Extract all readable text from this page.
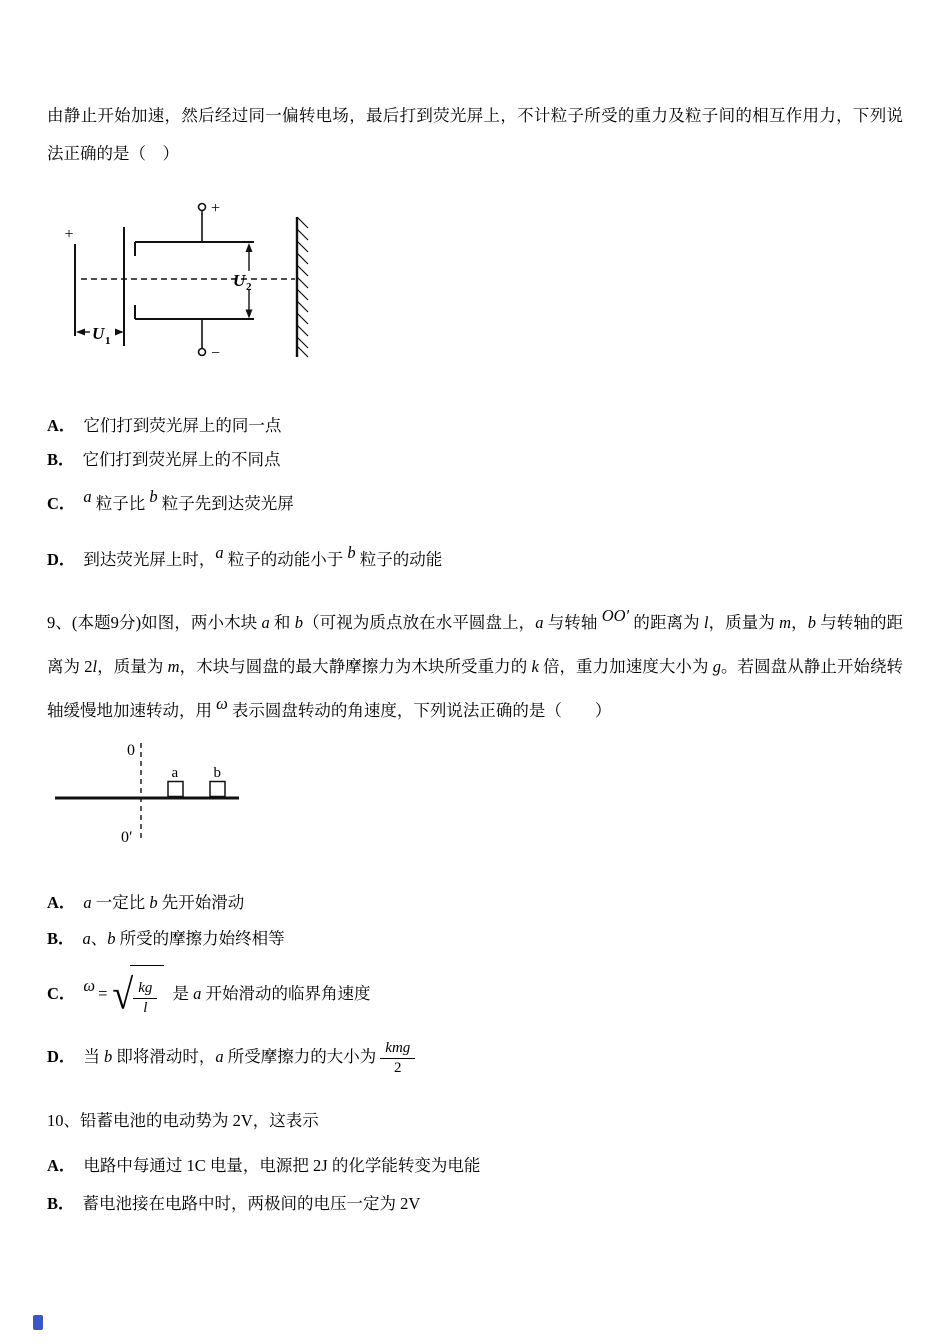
由静止开始加速，然后经过同一偏转电场，最后打到荧光屏上，不计粒子所受的重力及粒子间的相互作用力，下列说法正确的是（　）

+
+
−
U 2
U 1
A． 它们打到荧光屏上的同一点
B． 它们打到荧光屏上的不同点
C． a 粒子比 b 粒子先到达荧光屏
D． 到达荧光屏上时，a 粒子的动能小于 b 粒子的动能

9、(本题9分)如图，两小木块 a 和 b（可视为质点放在水平圆盘上，a 与转轴 OO′ 的距离为 l，质量为 m，b 与转轴的距离为 2l，质量为 m，木块与圆盘的最大静摩擦力为木块所受重力的 k 倍，重力加速度大小为 g。若圆盘从静止开始绕转轴缓慢地加速转动，用 ω 表示圆盘转动的角速度，下列说法正确的是（　　）

0
0′
a b
A． a 一定比 b 先开始滑动
B． a、b 所受的摩擦力始终相等
C． ω = √ $\frac{kg}{l}$ 是 a 开始滑动的临界角速度
D． 当 b 即将滑动时，a 所受摩擦力的大小为 $\frac{\text{kmg}}{2}$

10、铅蓄电池的电动势为 2V，这表示

A． 电路中每通过 1C 电量，电源把 2J 的化学能转变为电能
B． 蓄电池接在电路中时，两极间的电压一定为 2V
